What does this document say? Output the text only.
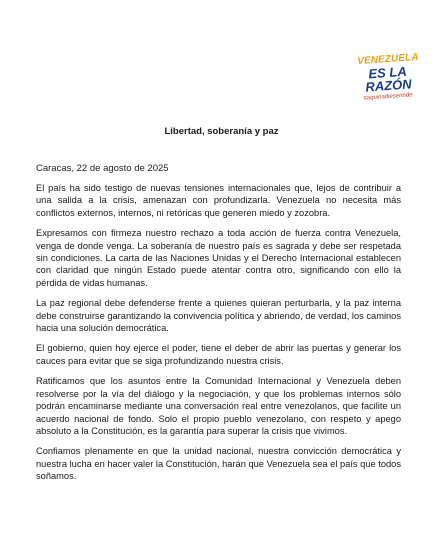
VENEZUELA
ES LA RAZÓN
#aquinadieserinde
Libertad, soberanía y paz
Caracas, 22 de agosto de 2025

El país ha sido testigo de nuevas tensiones internacionales que, lejos de contribuir a una salida a la crisis, amenazan con profundizarla. Venezuela no necesita más conflictos externos, internos, ni retóricas que generen miedo y zozobra.

Expresamos con firmeza nuestro rechazo a toda acción de fuerza contra Venezuela, venga de donde venga. La soberanía de nuestro país es sagrada y debe ser respetada sin condiciones. La carta de las Naciones Unidas y el Derecho Internacional establecen con claridad que ningún Estado puede atentar contra otro, significando con ello la pérdida de vidas humanas.

La paz regional debe defenderse frente a quienes quieran perturbarla, y la paz interna debe construirse garantizando la convivencia política y abriendo, de verdad, los caminos hacia una solución democrática.

El gobierno, quien hoy ejerce el poder, tiene el deber de abrir las puertas y generar los cauces para evitar que se siga profundizando nuestra crisis.

Ratificamos que los asuntos entre la Comunidad Internacional y Venezuela deben resolverse por la vía del diálogo y la negociación, y que los problemas internos sólo podrán encaminarse mediante una conversación real entre venezolanos, que facilite un acuerdo nacional de fondo. Solo el propio pueblo venezolano, con respeto y apego absoluto a la Constitución, es la garantía para superar la crisis que vivimos.

Confiamos plenamente en que la unidad nacional, nuestra convicción democrática y nuestra lucha en hacer valer la Constitución, harán que Venezuela sea el país que todos soñamos.
